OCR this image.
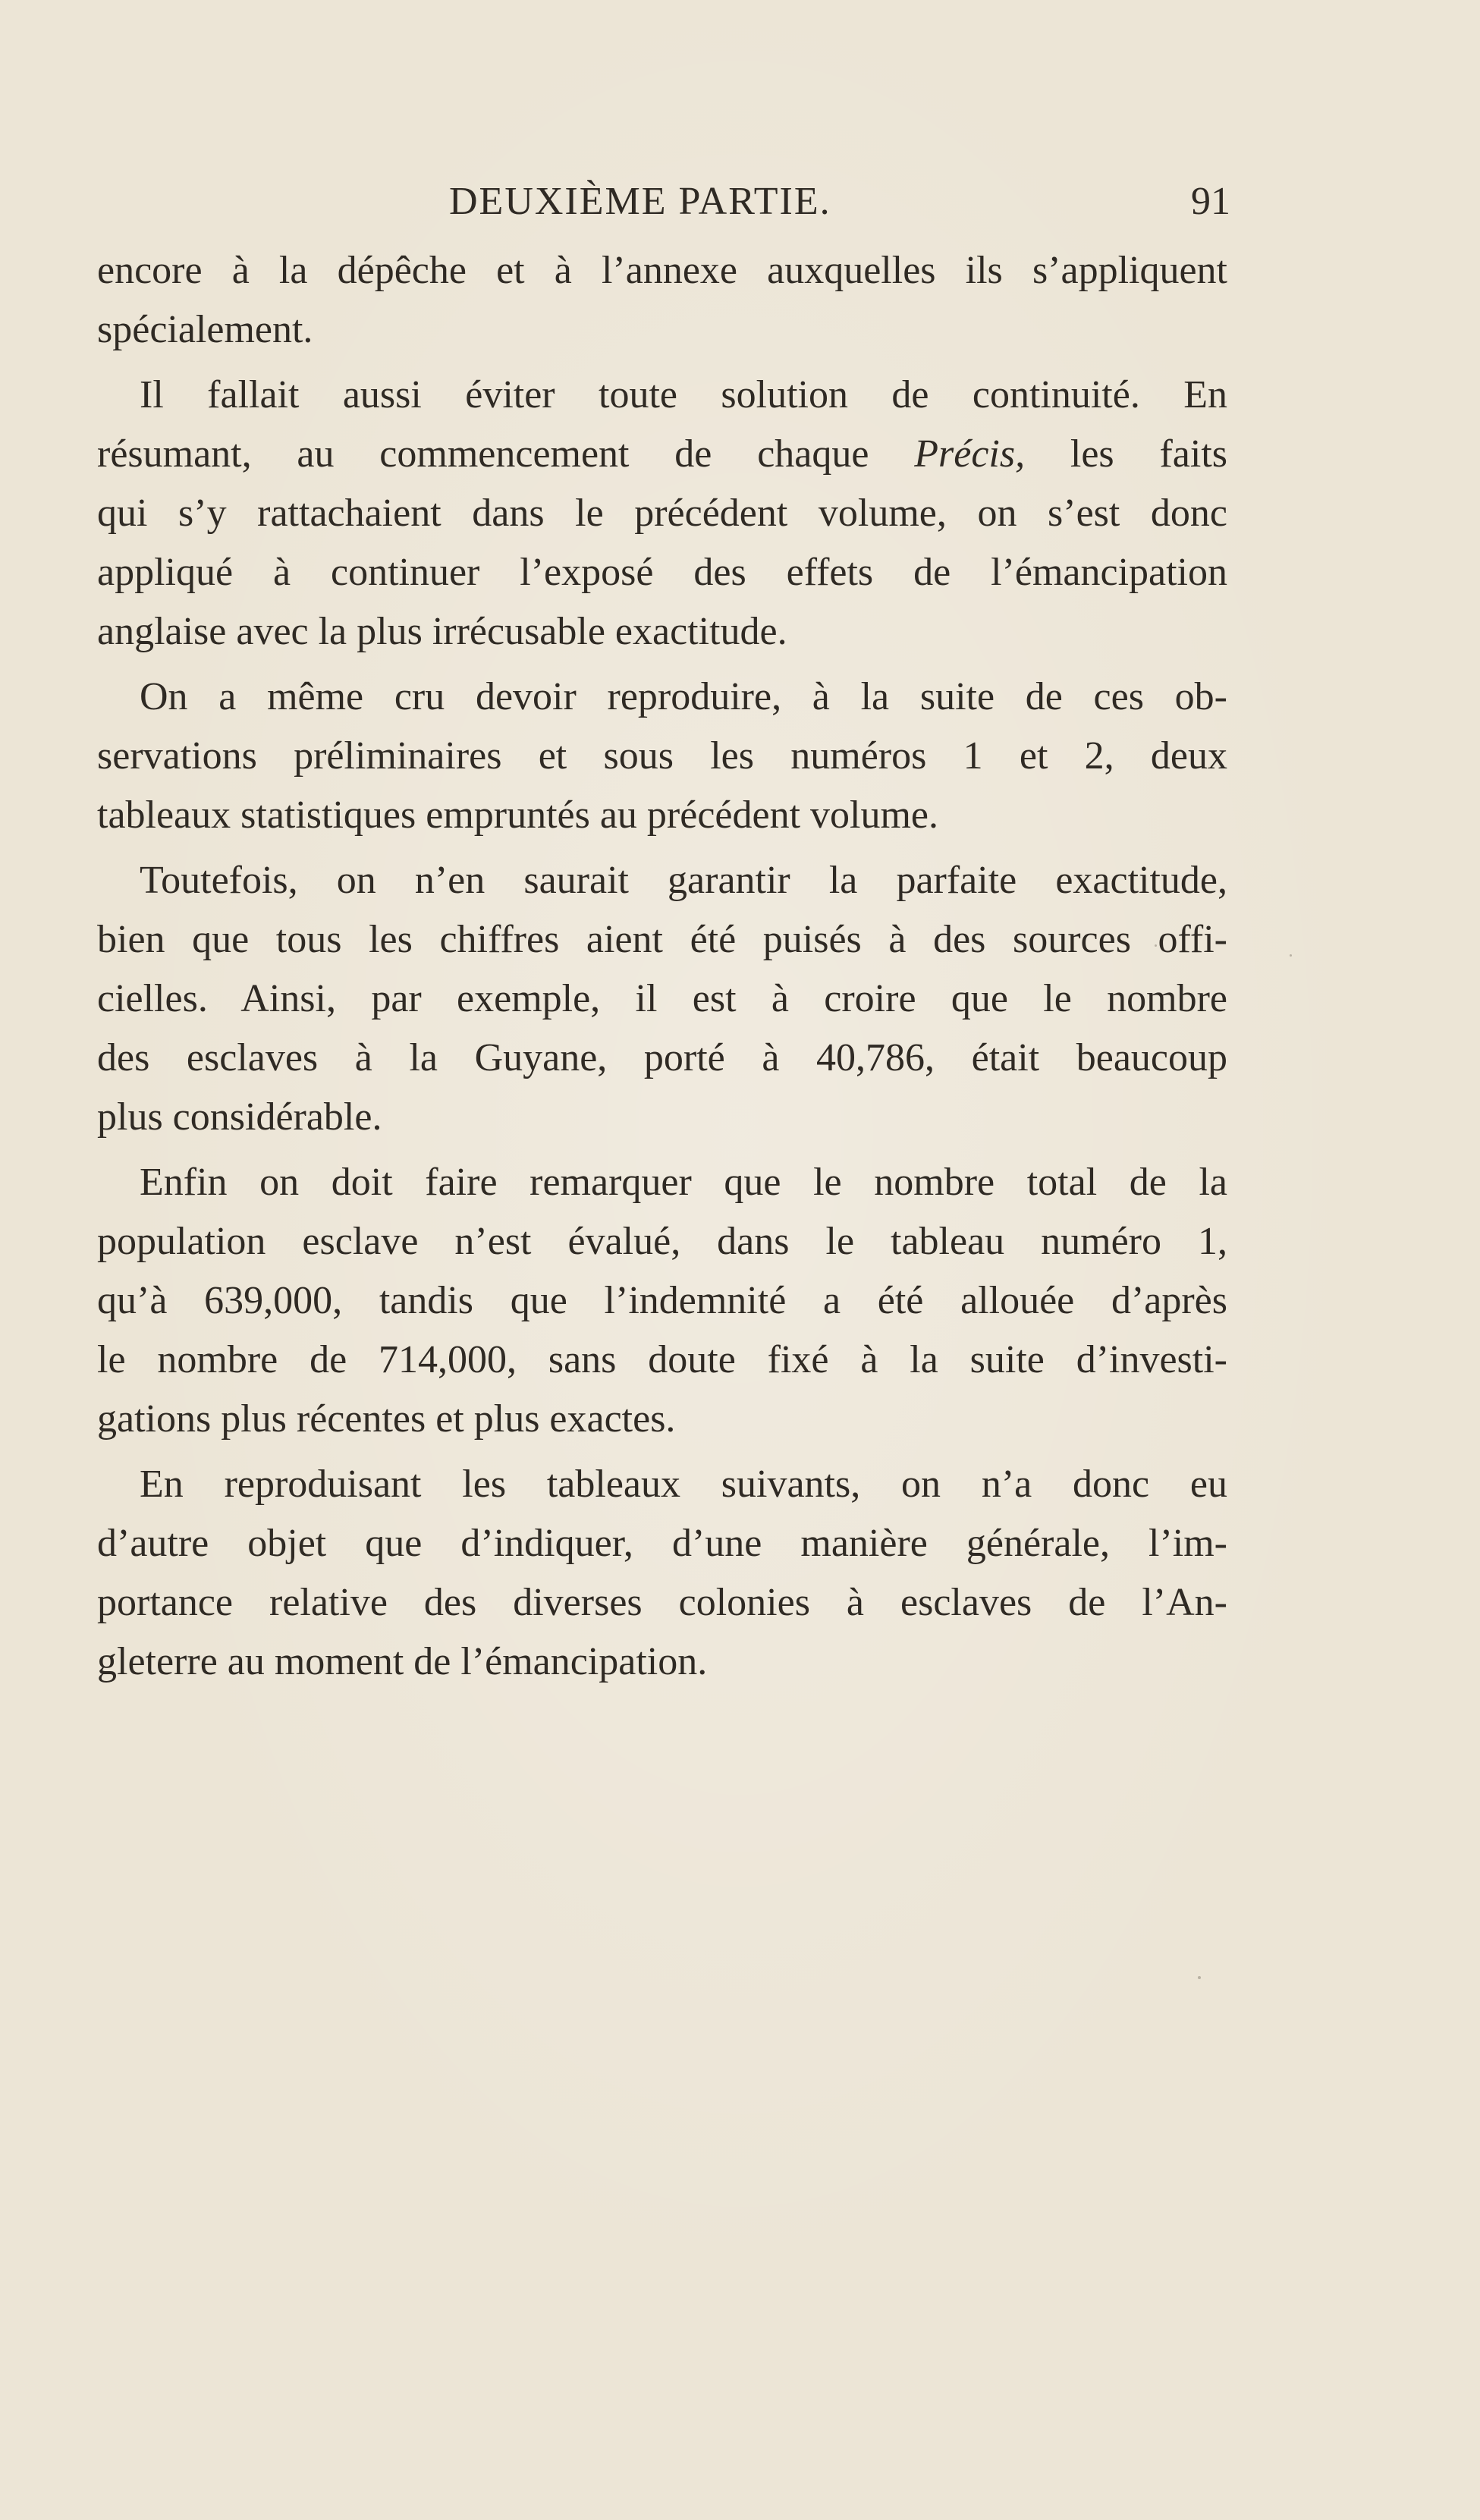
DEUXIÈME PARTIE.	91
encore à la dépêche et à l’annexe auxquelles ils s’appliquent
spécialement.
Il fallait aussi éviter toute solution de continuité. En
résumant, au commencement de chaque Précis, les faits
qui s’y rattachaient dans le précédent volume, on s’est donc
appliqué à continuer l’exposé des effets de l’émancipation
anglaise avec la plus irrécusable exactitude.
On a même cru devoir reproduire, à la suite de ces ob-
servations préliminaires et sous les numéros 1 et 2, deux
tableaux statistiques empruntés au précédent volume.
Toutefois, on n’en saurait garantir la parfaite exactitude,
bien que tous les chiffres aient été puisés à des sources offi-
cielles. Ainsi, par exemple, il est à croire que le nombre
des esclaves à la Guyane, porté à 40,786, était beaucoup
plus considérable.
Enfin on doit faire remarquer que le nombre total de la
population esclave n’est évalué, dans le tableau numéro 1,
qu’à 639,000, tandis que l’indemnité a été allouée d’après
le nombre de 714,000, sans doute fixé à la suite d’investi-
gations plus récentes et plus exactes.
En reproduisant les tableaux suivants, on n’a donc eu
d’autre objet que d’indiquer, d’une manière générale, l’im-
portance relative des diverses colonies à esclaves de l’An-
gleterre au moment de l’émancipation.
